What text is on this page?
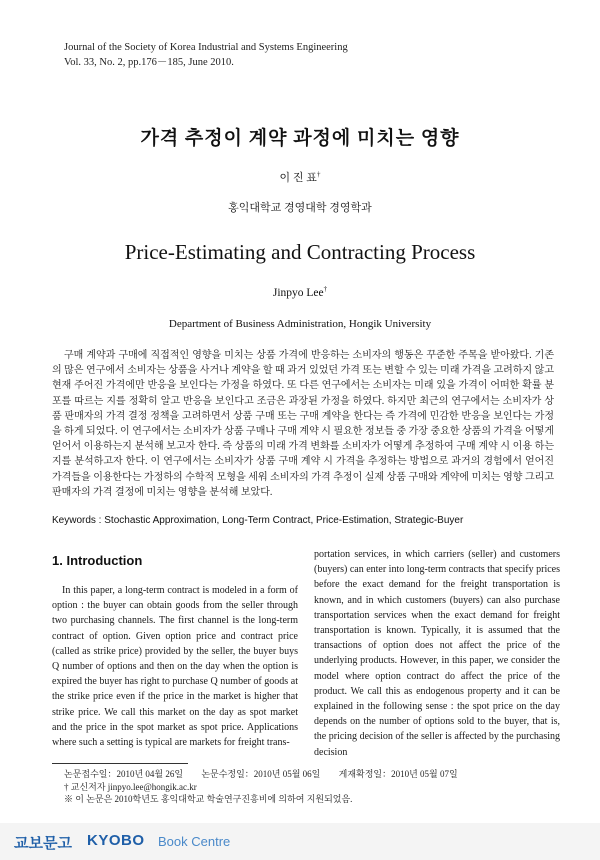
Journal of the Society of Korea Industrial and Systems Engineering
Vol. 33, No. 2, pp.176－185, June 2010.
가격 추정이 계약 과정에 미치는 영향
이 진 표†
홍익대학교 경영대학 경영학과
Price-Estimating and Contracting Process
Jinpyo Lee†
Department of Business Administration, Hongik University

구매 계약과 구매에 직접적인 영향을 미치는 상품 가격에 반응하는 소비자의 행동은 꾸준한 주목을 받아왔다. 기존의 많은 연구에서 소비자는 상품을 사거나 계약을 할 때 과거 있었던 가격 또는 변할 수 있는 미래 가격을 고려하지 않고 현재 주어진 가격에만 반응을 보인다는 가정을 하였다. 또 다른 연구에서는 소비자는 미래 있을 가격이 어떠한 확률 분포를 따르는 지를 정확히 알고 반응을 보인다고 조금은 과장된 가정을 하였다. 하지만 최근의 연구에서는 소비자가 상품 판매자의 가격 결정 정책을 고려하면서 상품 구매 또는 구매 계약을 한다는 즉 가격에 민감한 반응을 보인다는 가정을 하게 되었다. 이 연구에서는 소비자가 상품 구매나 구매 계약 시 필요한 정보들 중 가장 중요한 상품의 가격을 어떻게 얻어서 이용하는지 분석해 보고자 한다. 즉 상품의 미래 가격 변화를 소비자가 어떻게 추정하여 구매 계약 시 이용 하는지를 분석하고자 한다. 이 연구에서는 소비자가 상품 구매 계약 시 가격을 추정하는 방법으로 과거의 경험에서 얻어진 가격들을 이용한다는 가정하의 수학적 모형을 세워 소비자의 가격 추정이 실제 상품 구매와 계약에 미치는 영향 그리고 판매자의 가격 결정에 미치는 영향을 분석해 보았다.

Keywords : Stochastic Approximation, Long-Term Contract, Price-Estimation, Strategic-Buyer
1. Introduction

In this paper, a long-term contract is modeled in a form of option : the buyer can obtain goods from the seller through two purchasing channels. The first channel is the long-term contract of option. Given option price and contract price (called as strike price) provided by the seller, the buyer buys Q number of options and then on the day when the option is expired the buyer has right to purchase Q number of goods at the strike price even if the price in the market is higher that strike price. We call this market on the day as spot market and the price in the spot market as spot price. Applications where such a setting is typical are markets for freight trans-

portation services, in which carriers (seller) and customers (buyers) can enter into long-term contracts that specify prices before the exact demand for the freight transportation is known, and in which customers (buyers) can also purchase transportation services when the exact demand for freight transportation is known. Typically, it is assumed that the transactions of option does not affect the price of the underlying products. However, in this paper, we consider the model where option contract do affect the price of the product. We call this as endogenous property and it can be explained in the following sense : the spot price on the day depends on the number of options sold to the buyer, that is, the pricing decision of the seller is affected by the purchasing decision

논문접수일：2010년 04월 26일 논문수정일：2010년 05월 06일 게재확정일：2010년 05월 07일
† 교신저자 jinpyo.lee@hongik.ac.kr
※ 이 논문은 2010학년도 홍익대학교 학술연구진흥비에 의하여 지원되었음.
교보문고 KYOBO Book Centre
